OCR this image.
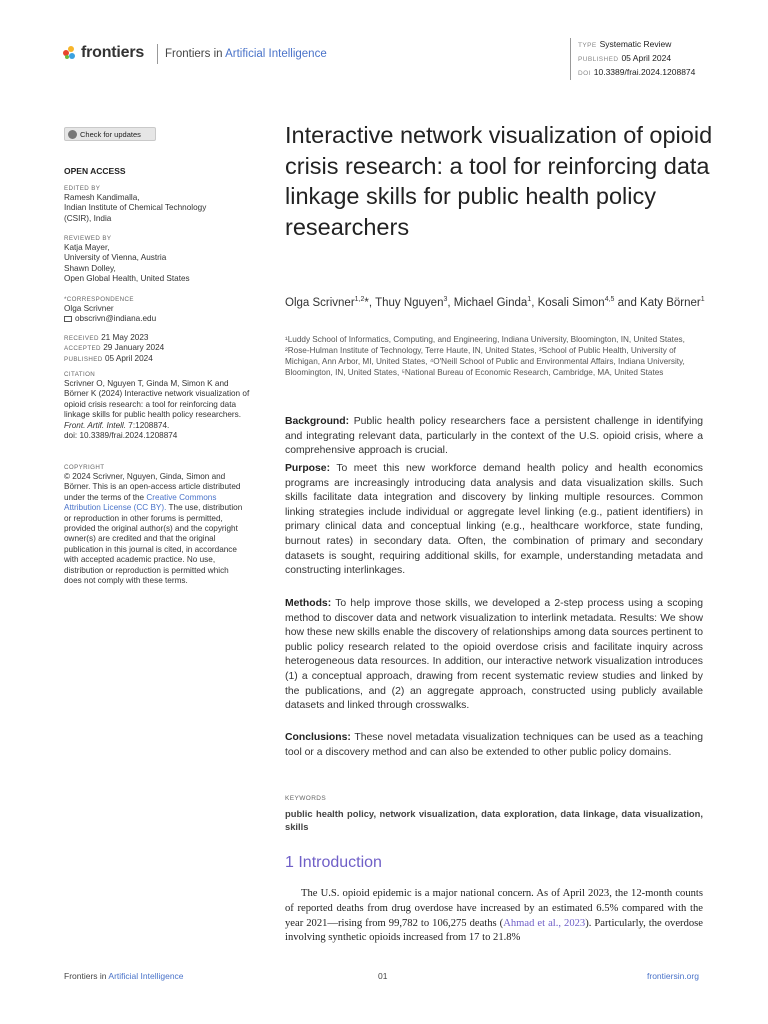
frontiers Frontiers in Artificial Intelligence
TYPE Systematic Review
PUBLISHED 05 April 2024
DOI 10.3389/frai.2024.1208874
Check for updates
OPEN ACCESS
EDITED BY
Ramesh Kandimalla,
Indian Institute of Chemical Technology
(CSIR), India
REVIEWED BY
Katja Mayer,
University of Vienna, Austria
Shawn Dolley,
Open Global Health, United States
*CORRESPONDENCE
Olga Scrivner
obscrivn@indiana.edu
RECEIVED 21 May 2023
ACCEPTED 29 January 2024
PUBLISHED 05 April 2024
CITATION
Scrivner O, Nguyen T, Ginda M, Simon K and Börner K (2024) Interactive network visualization of opioid crisis research: a tool for reinforcing data linkage skills for public health policy researchers.
Front. Artif. Intell. 7:1208874.
doi: 10.3389/frai.2024.1208874
COPYRIGHT
© 2024 Scrivner, Nguyen, Ginda, Simon and Börner. This is an open-access article distributed under the terms of the Creative Commons Attribution License (CC BY). The use, distribution or reproduction in other forums is permitted, provided the original author(s) and the copyright owner(s) are credited and that the original publication in this journal is cited, in accordance with accepted academic practice. No use, distribution or reproduction is permitted which does not comply with these terms.
Interactive network visualization of opioid crisis research: a tool for reinforcing data linkage skills for public health policy researchers
Olga Scrivner$^{1,2}$*, Thuy Nguyen$^3$, Michael Ginda$^1$, Kosali Simon$^{4,5}$ and Katy Börner$^1$
¹Luddy School of Informatics, Computing, and Engineering, Indiana University, Bloomington, IN, United States, ²Rose-Hulman Institute of Technology, Terre Haute, IN, United States, ³School of Public Health, University of Michigan, Ann Arbor, MI, United States, ⁴O'Neill School of Public and Environmental Affairs, Indiana University, Bloomington, IN, United States, ⁵National Bureau of Economic Research, Cambridge, MA, United States
Background: Public health policy researchers face a persistent challenge in identifying and integrating relevant data, particularly in the context of the U.S. opioid crisis, where a comprehensive approach is crucial.
Purpose: To meet this new workforce demand health policy and health economics programs are increasingly introducing data analysis and data visualization skills. Such skills facilitate data integration and discovery by linking multiple resources. Common linking strategies include individual or aggregate level linking (e.g., patient identifiers) in primary clinical data and conceptual linking (e.g., healthcare workforce, state funding, burnout rates) in secondary data. Often, the combination of primary and secondary datasets is sought, requiring additional skills, for example, understanding metadata and constructing interlinkages.
Methods: To help improve those skills, we developed a 2-step process using a scoping method to discover data and network visualization to interlink metadata. Results: We show how these new skills enable the discovery of relationships among data sources pertinent to public policy research related to the opioid overdose crisis and facilitate inquiry across heterogeneous data resources. In addition, our interactive network visualization introduces (1) a conceptual approach, drawing from recent systematic review studies and linked by the publications, and (2) an aggregate approach, constructed using publicly available datasets and linked through crosswalks.
Conclusions: These novel metadata visualization techniques can be used as a teaching tool or a discovery method and can also be extended to other public policy domains.
KEYWORDS
public health policy, network visualization, data exploration, data linkage, data visualization, skills
1 Introduction
The U.S. opioid epidemic is a major national concern. As of April 2023, the 12-month counts of reported deaths from drug overdose have increased by an estimated 6.5% compared with the year 2021—rising from 99,782 to 106,275 deaths (Ahmad et al., 2023). Particularly, the overdose involving synthetic opioids increased from 17 to 21.8%
Frontiers in Artificial Intelligence	01	frontiersin.org
